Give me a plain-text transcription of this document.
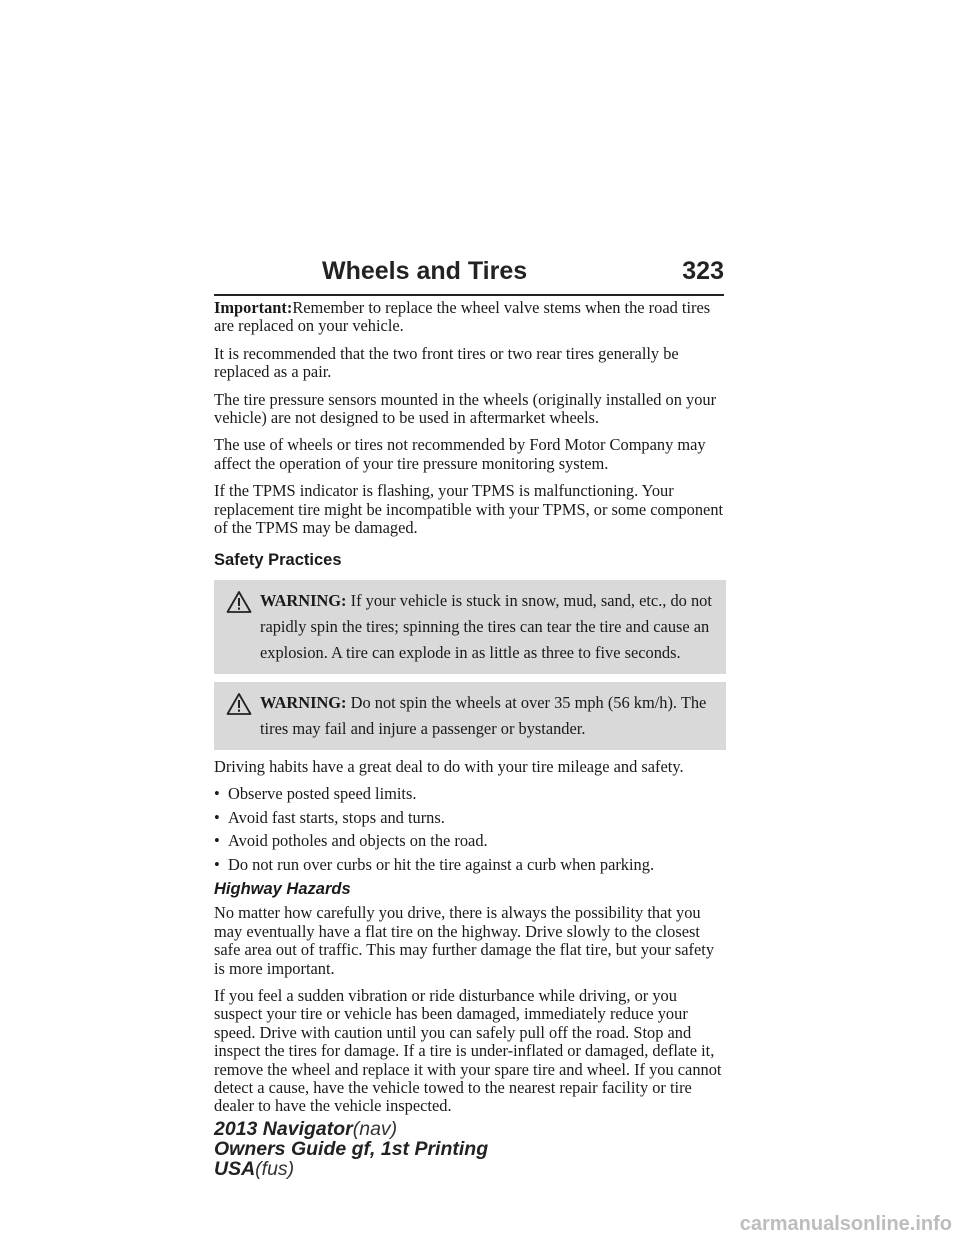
Wheels and Tires	323

Important:Remember to replace the wheel valve stems when the road tires are replaced on your vehicle.

It is recommended that the two front tires or two rear tires generally be replaced as a pair.

The tire pressure sensors mounted in the wheels (originally installed on your vehicle) are not designed to be used in aftermarket wheels.

The use of wheels or tires not recommended by Ford Motor Company may affect the operation of your tire pressure monitoring system.

If the TPMS indicator is flashing, your TPMS is malfunctioning. Your replacement tire might be incompatible with your TPMS, or some component of the TPMS may be damaged.

Safety Practices
WARNING: If your vehicle is stuck in snow, mud, sand, etc., do not rapidly spin the tires; spinning the tires can tear the tire and cause an explosion. A tire can explode in as little as three to five seconds.
WARNING: Do not spin the wheels at over 35 mph (56 km/h). The tires may fail and injure a passenger or bystander.

Driving habits have a great deal to do with your tire mileage and safety.

• Observe posted speed limits.
• Avoid fast starts, stops and turns.
• Avoid potholes and objects on the road.
• Do not run over curbs or hit the tire against a curb when parking.
Highway Hazards

No matter how carefully you drive, there is always the possibility that you may eventually have a flat tire on the highway. Drive slowly to the closest safe area out of traffic. This may further damage the flat tire, but your safety is more important.

If you feel a sudden vibration or ride disturbance while driving, or you suspect your tire or vehicle has been damaged, immediately reduce your speed. Drive with caution until you can safely pull off the road. Stop and inspect the tires for damage. If a tire is under-inflated or damaged, deflate it, remove the wheel and replace it with your spare tire and wheel. If you cannot detect a cause, have the vehicle towed to the nearest repair facility or tire dealer to have the vehicle inspected.

2013 Navigator(nav)
Owners Guide gf, 1st Printing
USA(fus)
carmanualsonline.info
